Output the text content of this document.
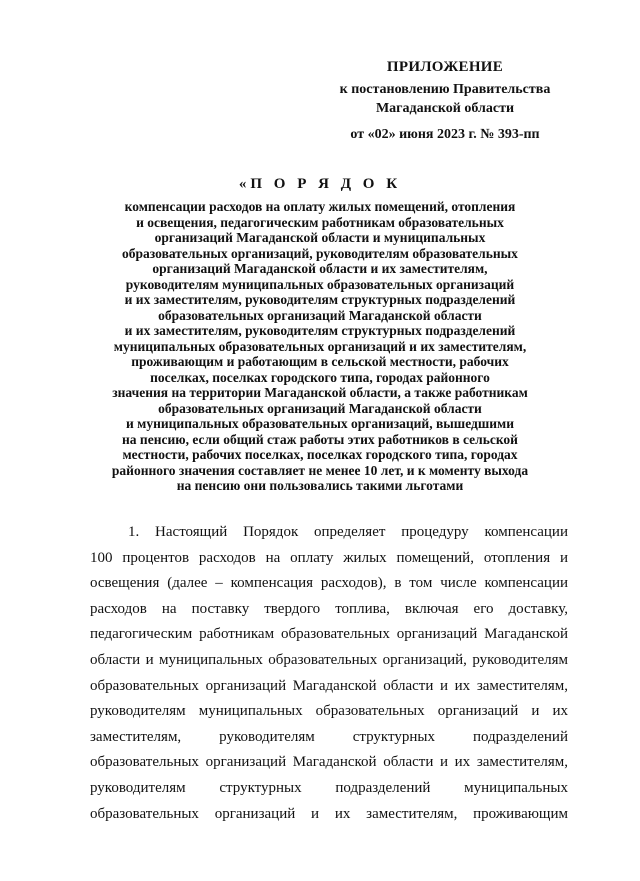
ПРИЛОЖЕНИЕ
к постановлению Правительства
Магаданской области
от «02» июня 2023 г. № 393-пп
«П О Р Я Д О К
компенсации расходов на оплату жилых помещений, отопления
и освещения, педагогическим работникам образовательных
организаций Магаданской области и муниципальных
образовательных организаций, руководителям образовательных
организаций Магаданской области и их заместителям,
руководителям муниципальных образовательных организаций
и их заместителям, руководителям структурных подразделений
образовательных организаций Магаданской области
и их заместителям, руководителям структурных подразделений
муниципальных образовательных организаций и их заместителям,
проживающим и работающим в сельской местности, рабочих
поселках, поселках городского типа, городах районного
значения на территории Магаданской области, а также работникам
образовательных организаций Магаданской области
и муниципальных образовательных организаций, вышедшими
на пенсию, если общий стаж работы этих работников в сельской
местности, рабочих поселках, поселках городского типа, городах
районного значения составляет не менее 10 лет, и к моменту выхода
на пенсию они пользовались такими льготами
1. Настоящий Порядок определяет процедуру компенсации
100 процентов расходов на оплату жилых помещений, отопления и
освещения (далее – компенсация расходов), в том числе компенсации
расходов на поставку твердого топлива, включая его доставку,
педагогическим работникам образовательных организаций Магаданской
области и муниципальных образовательных организаций, руководителям
образовательных организаций Магаданской области и их заместителям,
руководителям муниципальных образовательных организаций и их
заместителям, руководителям структурных подразделений
образовательных организаций Магаданской области и их заместителям,
руководителям структурных подразделений муниципальных
образовательных организаций и их заместителям, проживающим
